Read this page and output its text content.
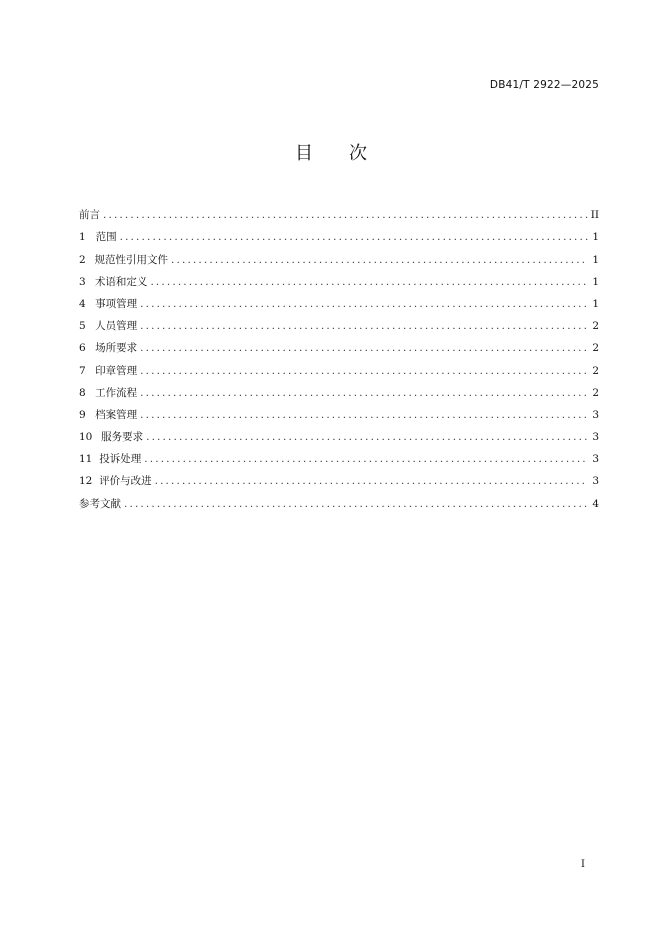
DB41/T 2922—2025
目 次
前言 . . .	II
1 范围 . . .	1
2 规范性引用文件 . . .	1
3 术语和定义 . . .	1
4 事项管理 . . .	1
5 人员管理 . . .	2
6 场所要求 . . .	2
7 印章管理 . . .	2
8 工作流程 . . .	2
9 档案管理 . . .	3
10 服务要求 . . .	3
11 投诉处理 . . .	3
12 评价与改进 . . .	3
参考文献 . . .	4
I
